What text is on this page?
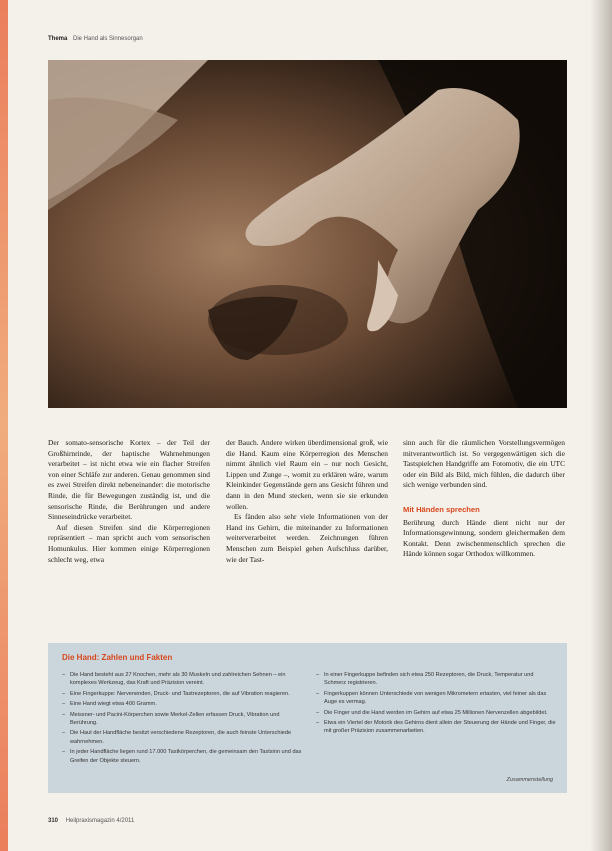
Thema Die Hand als Sinnesorgan

Der somato-sensorische Kortex – der Teil der Großhirnrinde, der haptische Wahrnehmungen verarbeitet – ist nicht etwa wie ein flacher Streifen von einer Schläfe zur anderen. Genau genommen sind es zwei Streifen direkt nebeneinander: die motorische Rinde, die für Bewegungen zuständig ist, und die sensorische Rinde, die Berührungen und andere Sinneseindrücke verarbeitet.

Auf diesen Streifen sind die Körperregionen repräsentiert – man spricht auch vom sensorischen Homunkulus. Hier kommen einige Körperregionen schlecht weg, etwa

der Bauch. Andere wirken überdimensional groß, wie die Hand. Kaum eine Körperregion des Menschen nimmt ähnlich viel Raum ein – nur noch Gesicht, Lippen und Zunge –, womit zu erklären wäre, warum Kleinkinder Gegenstände gern ans Gesicht führen und dann in den Mund stecken, wenn sie sie erkunden wollen.

Es fänden also sehr viele Informationen von der Hand ins Gehirn, die miteinander zu Informationen weiterverarbeitet werden. Zeichnungen führen Menschen zum Beispiel gehen Aufschluss darüber, wie der Tast-

sinn auch für die räumlichen Vorstellungsvermögen mitverantwortlich ist. So vergegenwärtigen sich die Tastspielchen Handgriffe am Fotomotiv, die ein UTC oder ein Bild als Bild, mich fühlen, die dadurch über sich wenige verbunden sind.

Mit Händen sprechen

Berührung durch Hände dient nicht nur der Informationsgewinnung, sondern gleichermaßen dem Kontakt. Denn zwischenmenschlich sprechen die Hände können sogar Orthodox willkommen.

Die Hand: Zahlen und Fakten
– Die Hand besteht aus 27 Knochen, mehr als 30 Muskeln und zahlreichen Sehnen – ein komplexes Werkzeug, das Kraft und Präzision vereint.
– Eine Fingerkuppe: Nervenenden, Druck- und Tastrezeptoren, die auf Vibration reagieren.
– Eine Hand wiegt etwa 400 Gramm.
– Meissner- und Pacini-Körperchen sowie Merkel-Zellen erfassen Druck, Vibration und Berührung.
– Die Haut der Handfläche besitzt verschiedene Rezeptoren, die auch feinste Unterschiede wahrnehmen.
– In jeder Handfläche liegen rund 17.000 Tastkörperchen, die gemeinsam den Tastsinn und das Greifen der Objekte steuern.
– In einer Fingerkuppe befinden sich etwa 250 Rezeptoren, die Druck, Temperatur und Schmerz registrieren.
– Fingerkuppen können Unterschiede von wenigen Mikrometern ertasten, viel feiner als das Auge es vermag.
– Die Finger und die Hand werden im Gehirn auf etwa 25 Millionen Nervenzellen abgebildet.
– Etwa ein Viertel der Motorik des Gehirns dient allein der Steuerung der Hände und Finger, die mit großer Präzision zusammenarbeiten.
Zusammenstellung
310 Heilpraxismagazin 4/2011
